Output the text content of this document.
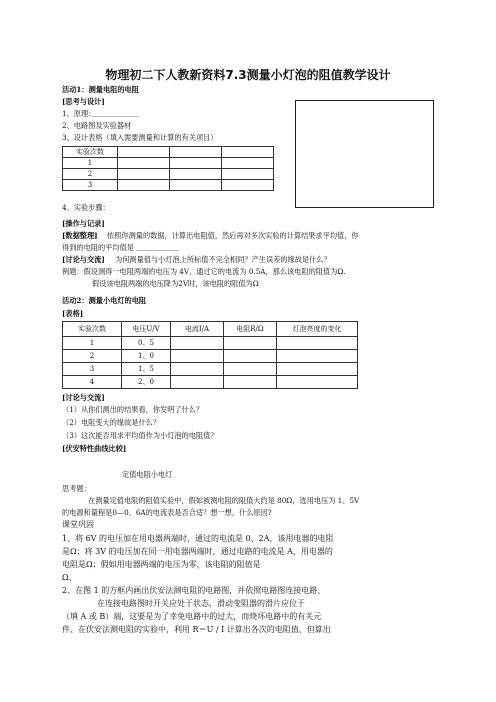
物理初二下人教新资料7.3测量小灯泡的阻值教学设计
活动1：测量电阻的电阻
[思考与设计]
1、原理：
_____________
2、电路图及实验器材
3、设计表格（填入需要测量和计算的有关项目）
实验次数			
1			
2			
3			
4、实验步骤：
[操作与记录]
[数据整理] 依照你测量的数据，计算出电阻值，然后再对多次实验的计算结果求平均值，你
得到的电阻的平均值是 ____________
[讨论与交流] 为何测量值与小灯泡上所标值不完全相同？产生误差的缘故是什么？
例题：假设测得一电阻两端的电压为 4V，通过它的电流为 0.5A，那么该电阻的阻值为Ω.
假设该电阻两端的电压降为2V时，该电阻的阻值为Ω
活动2：测量小电灯的电阻
[表格]
实验次数	电压U/V	电流I/A	电阻R/Ω	灯泡亮度的变化
1	0、5			
2	1、0			
3	1、5			
4	2、0			
[讨论与交流]
（1）从你们测出的结果看，你发明了什么？
（2）电阻变大的缘故是什么？
（3）这次能否用求平均值作为小灯泡的电阻值？
[伏安特性曲线比较]
定值电阻小电灯
思考题：
在测量定值电阻的阻值实验中，假如被测电阻的阻值大约是 80Ω，选用电压为 1、5V
的电源和量程是0—0、6A的电流表是否合适？想一想，什么原因?
课堂巩固
1、将 6V 的电压加在用电器两端时，通过的电流是 0、2A，该用电器的电阻
是Ω；将 3V 的电压加在同一用电器两端时，通过电路的电流是 A，用电器的
电阻是Ω；假如用电器两端的电压为零，该电阻的阻值是
Ω、
2、在图 1 的方框内画出伏安法测电阻的电路图，并依照电路图连接电路、
在连接电路图时开关应处于状态，滑动变阻器的滑片应位于
（填 A 或 B）端，这要是为了幸免电路中的过大，而烧坏电路中的有关元
件、在伏安法测电阻的实验中，利用 R＝U / I 计算出各次的电阻值、但算出
